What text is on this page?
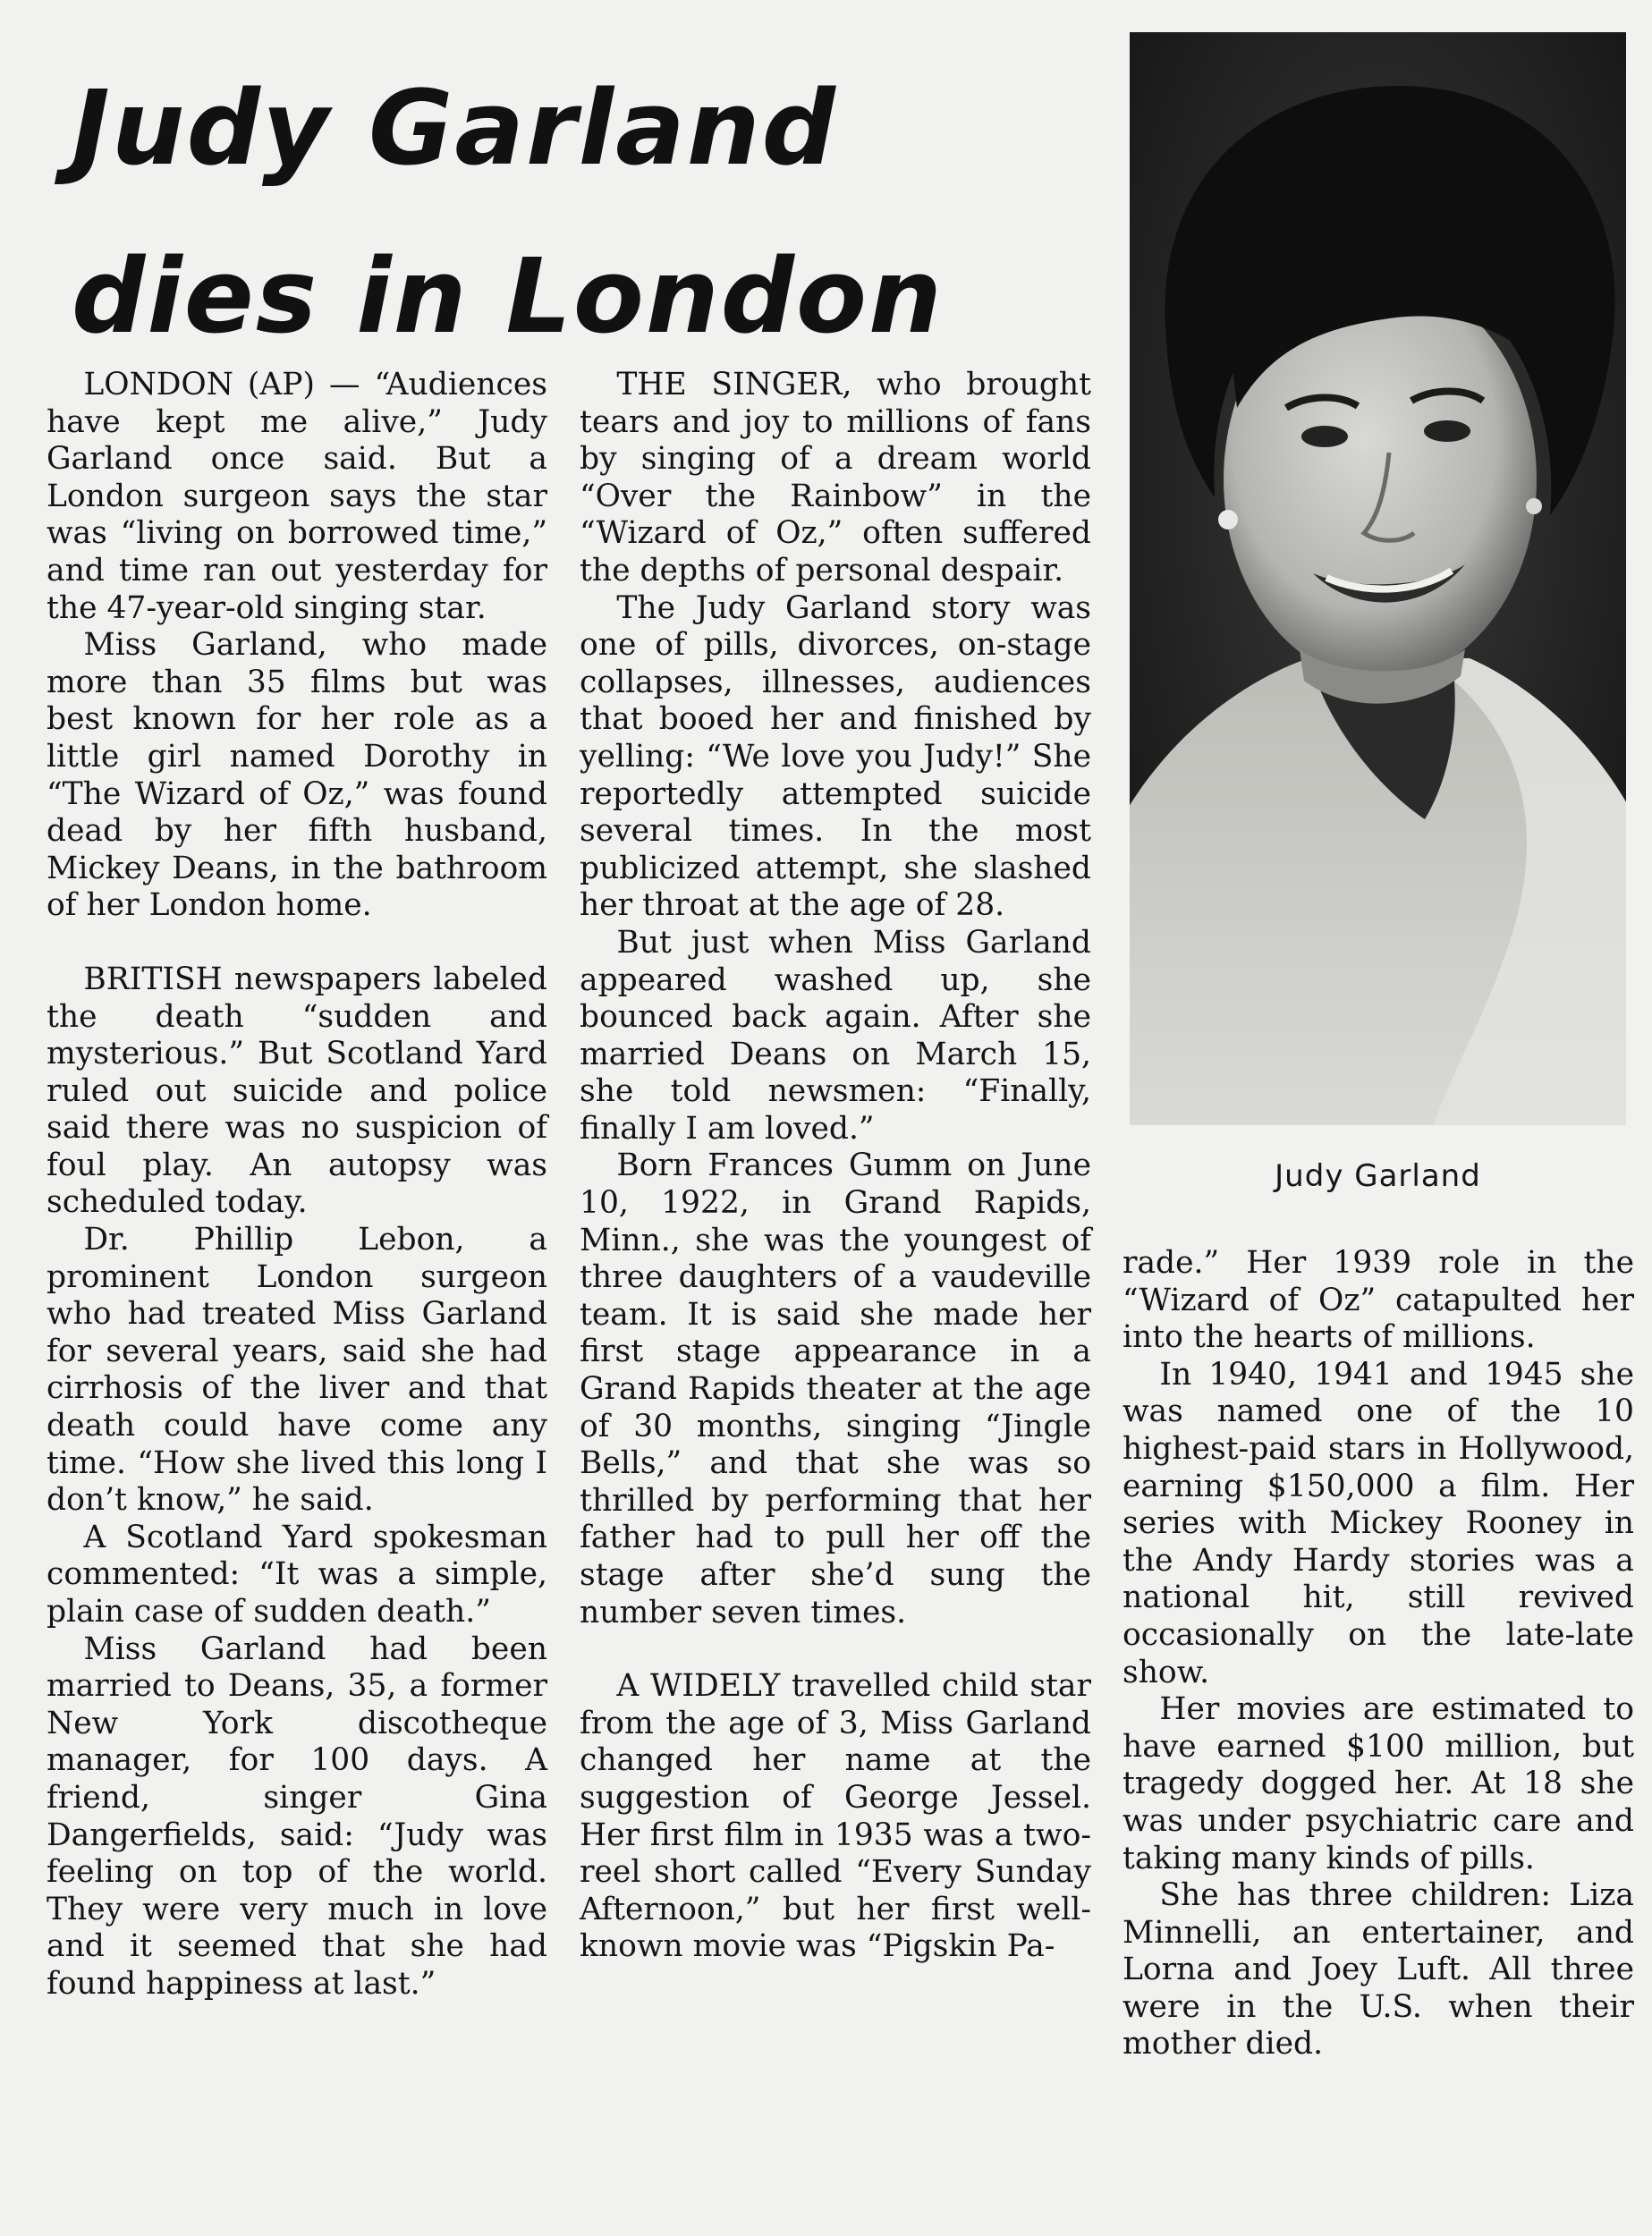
Judy Garland
dies in London

LONDON (AP) — “Audiences have kept me alive,” Judy Garland once said. But a London surgeon says the star was “living on borrowed time,” and time ran out yesterday for the 47-year-old singing star.

Miss Garland, who made more than 35 films but was best known for her role as a little girl named Dorothy in “The Wizard of Oz,” was found dead by her fifth husband, Mickey Deans, in the bathroom of her London home.

BRITISH newspapers labeled the death “sudden and mysterious.” But Scotland Yard ruled out suicide and police said there was no suspicion of foul play. An autopsy was scheduled today.

Dr. Phillip Lebon, a prominent London surgeon who had treated Miss Garland for several years, said she had cirrhosis of the liver and that death could have come any time. “How she lived this long I don’t know,” he said.

A Scotland Yard spokesman commented: “It was a simple, plain case of sudden death.”

Miss Garland had been married to Deans, 35, a former New York discotheque manager, for 100 days. A friend, singer Gina Dangerfields, said: “Judy was feeling on top of the world. They were very much in love and it seemed that she had found happiness at last.”

THE SINGER, who brought tears and joy to millions of fans by singing of a dream world “Over the Rainbow” in the “Wizard of Oz,” often suffered the depths of personal despair.

The Judy Garland story was one of pills, divorces, on-stage collapses, illnesses, audiences that booed her and finished by yelling: “We love you Judy!” She reportedly attempted suicide several times. In the most publicized attempt, she slashed her throat at the age of 28.

But just when Miss Garland appeared washed up, she bounced back again. After she married Deans on March 15, she told newsmen: “Finally, finally I am loved.”

Born Frances Gumm on June 10, 1922, in Grand Rapids, Minn., she was the youngest of three daughters of a vaudeville team. It is said she made her first stage appearance in a Grand Rapids theater at the age of 30 months, singing “Jingle Bells,” and that she was so thrilled by performing that her father had to pull her off the stage after she’d sung the number seven times.

A WIDELY travelled child star from the age of 3, Miss Garland changed her name at the suggestion of George Jessel. Her first film in 1935 was a two-reel short called “Every Sunday Afternoon,” but her first well-known movie was “Pigskin Pa-

Judy Garland

rade.” Her 1939 role in the “Wizard of Oz” catapulted her into the hearts of millions.

In 1940, 1941 and 1945 she was named one of the 10 highest-paid stars in Hollywood, earning $150,000 a film. Her series with Mickey Rooney in the Andy Hardy stories was a national hit, still revived occasionally on the late-late show.

Her movies are estimated to have earned $100 million, but tragedy dogged her. At 18 she was under psychiatric care and taking many kinds of pills.

She has three children: Liza Minnelli, an entertainer, and Lorna and Joey Luft. All three were in the U.S. when their mother died.
